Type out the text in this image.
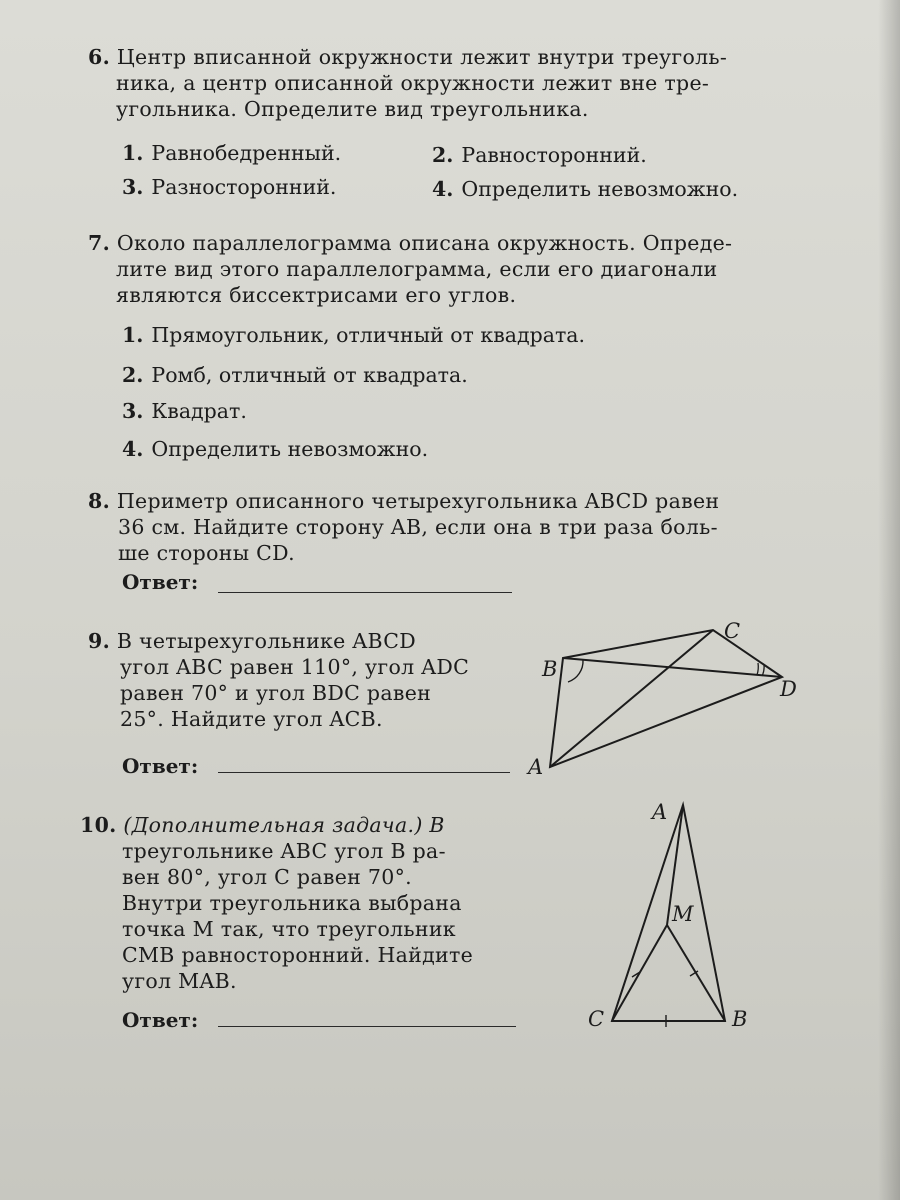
6. Центр вписанной окружности лежит внутри треуголь-
ника, а центр описанной окружности лежит вне тре-
угольника. Определите вид треугольника.
1. Равнобедренный.	2. Равносторонний.
3. Разносторонний.	4. Определить невозможно.
7. Около параллелограмма описана окружность. Опреде-
лите вид этого параллелограмма, если его диагонали
являются биссектрисами его углов.
1. Прямоугольник, отличный от квадрата.
2. Ромб, отличный от квадрата.
3. Квадрат.
4. Определить невозможно.
8. Периметр описанного четырехугольника ABCD равен
36 см. Найдите сторону AB, если она в три раза боль-
ше стороны CD.
Ответ:
9. В четырехугольнике ABCD
угол ABC равен 110°, угол ADC
равен 70° и угол BDC равен
25°. Найдите угол ACB.
Ответ:
B
C
D
A
10. (Дополнительная задача.) В
треугольнике ABC угол B ра-
вен 80°, угол C равен 70°.
Внутри треугольника выбрана
точка M так, что треугольник
CMB равносторонний. Найдите
угол MAB.
Ответ:
A
M
C	B
